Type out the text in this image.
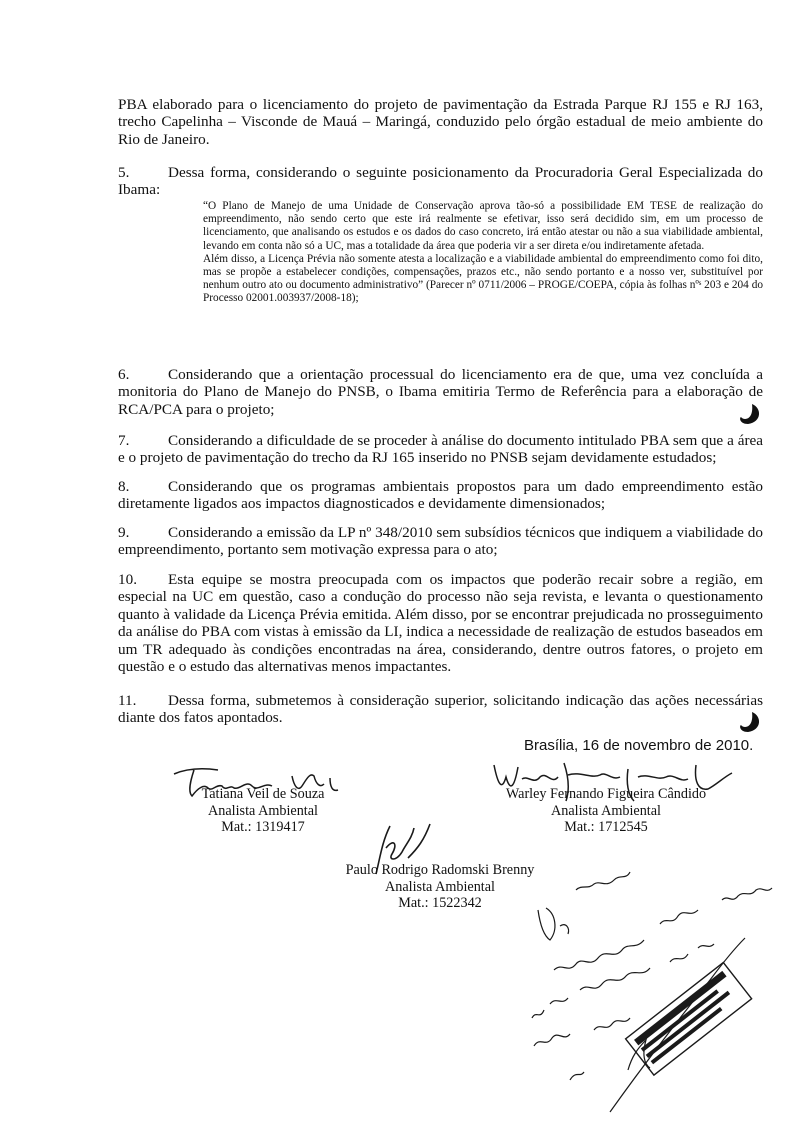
PBA elaborado para o licenciamento do projeto de pavimentação da Estrada Parque RJ 155 e RJ 163, trecho Capelinha – Visconde de Mauá – Maringá, conduzido pelo órgão estadual de meio ambiente do Rio de Janeiro.

5.	Dessa forma, considerando o seguinte posicionamento da Procuradoria Geral Especializada do Ibama:

“O Plano de Manejo de uma Unidade de Conservação aprova tão-só a possibilidade EM TESE de realização do empreendimento, não sendo certo que este irá realmente se efetivar, isso será decidido sim, em um processo de licenciamento, que analisando os estudos e os dados do caso concreto, irá então atestar ou não a sua viabilidade ambiental, levando em conta não só a UC, mas a totalidade da área que poderia vir a ser direta e/ou indiretamente afetada.

Além disso, a Licença Prévia não somente atesta a localização e a viabilidade ambiental do empreendimento como foi dito, mas se propõe a estabelecer condições, compensações, prazos etc., não sendo portanto e a nosso ver, substituível por nenhum outro ato ou documento administrativo” (Parecer nº 0711/2006 – PROGE/COEPA, cópia às folhas nºˢ 203 e 204 do Processo 02001.003937/2008-18);

6.	Considerando que a orientação processual do licenciamento era de que, uma vez concluída a monitoria do Plano de Manejo do PNSB, o Ibama emitiria Termo de Referência para a elaboração de RCA/PCA para o projeto;

7.	Considerando a dificuldade de se proceder à análise do documento intitulado PBA sem que a área e o projeto de pavimentação do trecho da RJ 165 inserido no PNSB sejam devidamente estudados;

8.	Considerando que os programas ambientais propostos para um dado empreendimento estão diretamente ligados aos impactos diagnosticados e devidamente dimensionados;

9.	Considerando a emissão da LP nº 348/2010 sem subsídios técnicos que indiquem a viabilidade do empreendimento, portanto sem motivação expressa para o ato;

10. Esta equipe se mostra preocupada com os impactos que poderão recair sobre a região, em especial na UC em questão, caso a condução do processo não seja revista, e levanta o questionamento quanto à validade da Licença Prévia emitida. Além disso, por se encontrar prejudicada no prosseguimento da análise do PBA com vistas à emissão da LI, indica a necessidade de realização de estudos baseados em um TR adequado às condições encontradas na área, considerando, dentre outros fatores, o projeto em questão e o estudo das alternativas menos impactantes.

11. Dessa forma, submetemos à consideração superior, solicitando indicação das ações necessárias diante dos fatos apontados.

Brasília, 16 de novembro de 2010.
Tatiana Veil de Souza
Analista Ambiental
Mat.: 1319417
Warley Fernando Figueira Cândido
Analista Ambiental
Mat.: 1712545
Paulo Rodrigo Radomski Brenny
Analista Ambiental
Mat.: 1522342
